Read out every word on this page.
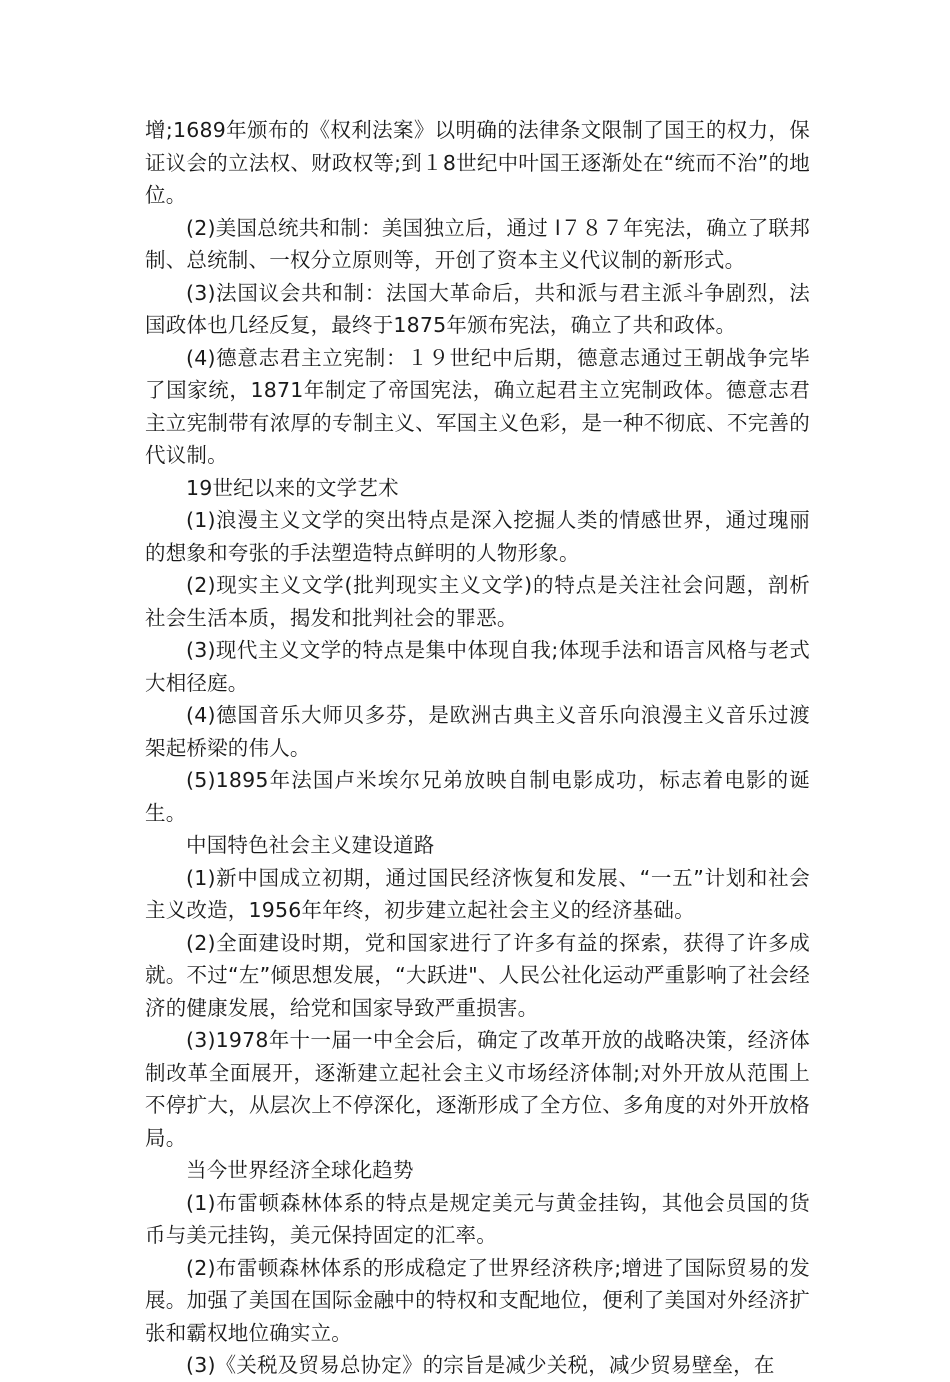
增;1689年颁布的《权利法案》以明确的法律条文限制了国王的权力，保证议会的立法权、财政权等;到１8世纪中叶国王逐渐处在“统而不治”的地位。

(2)美国总统共和制：美国独立后，通过 l７８７年宪法，确立了联邦制、总统制、一权分立原则等，开创了资本主义代议制的新形式。

(3)法国议会共和制：法国大革命后，共和派与君主派斗争剧烈，法国政体也几经反复，最终于1875年颁布宪法，确立了共和政体。

(4)德意志君主立宪制：１９世纪中后期，德意志通过王朝战争完毕了国家统，1871年制定了帝国宪法，确立起君主立宪制政体。德意志君主立宪制带有浓厚的专制主义、军国主义色彩，是一种不彻底、不完善的代议制。

19世纪以来的文学艺术

(1)浪漫主义文学的突出特点是深入挖掘人类的情感世界，通过瑰丽的想象和夸张的手法塑造特点鲜明的人物形象。

(2)现实主义文学(批判现实主义文学)的特点是关注社会问题，剖析社会生活本质，揭发和批判社会的罪恶。

(3)现代主义文学的特点是集中体现自我;体现手法和语言风格与老式大相径庭。

(4)德国音乐大师贝多芬，是欧洲古典主义音乐向浪漫主义音乐过渡架起桥梁的伟人。

(5)1895年法国卢米埃尔兄弟放映自制电影成功，标志着电影的诞生。

中国特色社会主义建设道路

(1)新中国成立初期，通过国民经济恢复和发展、“一五”计划和社会主义改造，1956年年终，初步建立起社会主义的经济基础。

(2)全面建设时期，党和国家进行了许多有益的探索，获得了许多成就。不过“左”倾思想发展，“大跃进"、人民公社化运动严重影响了社会经济的健康发展，给党和国家导致严重损害。

(3)1978年十一届一中全会后，确定了改革开放的战略决策，经济体制改革全面展开，逐渐建立起社会主义市场经济体制;对外开放从范围上不停扩大，从层次上不停深化，逐渐形成了全方位、多角度的对外开放格局。

当今世界经济全球化趋势

(1)布雷顿森林体系的特点是规定美元与黄金挂钩，其他会员国的货币与美元挂钩，美元保持固定的汇率。

(2)布雷顿森林体系的形成稳定了世界经济秩序;增进了国际贸易的发展。加强了美国在国际金融中的特权和支配地位，便利了美国对外经济扩张和霸权地位确实立。

(3)《关税及贸易总协定》的宗旨是减少关税，减少贸易壁垒，在
